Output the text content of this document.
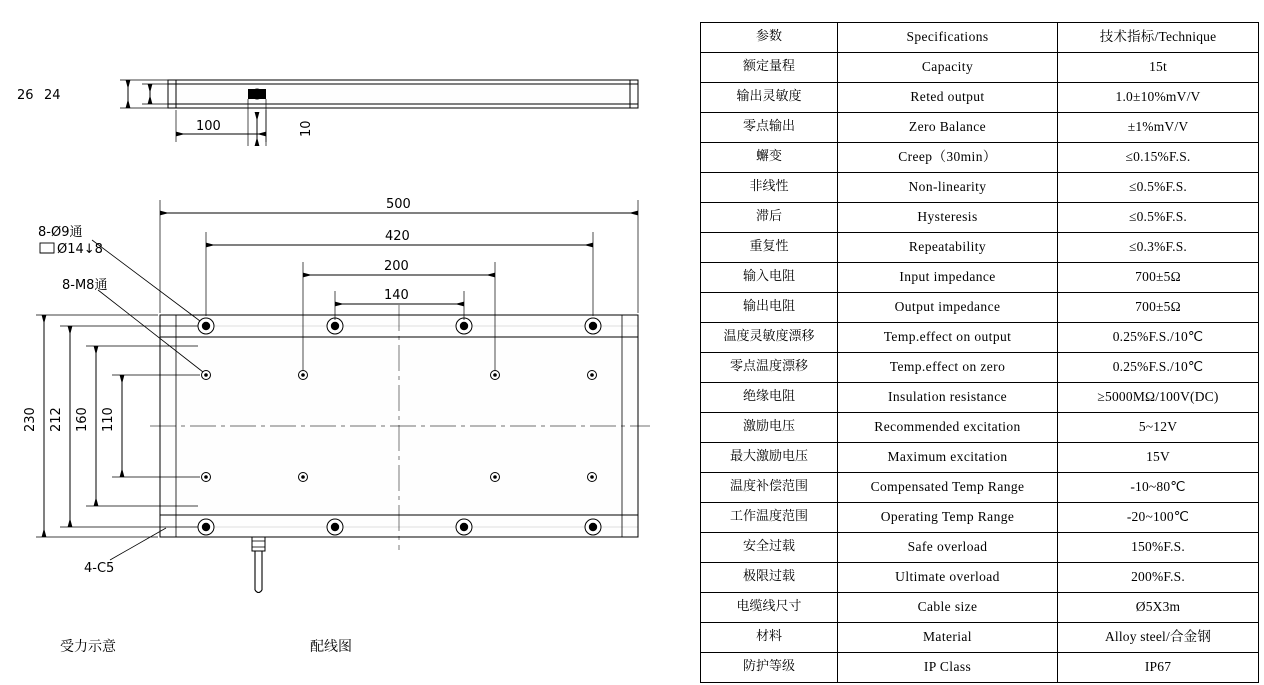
26 24
100	10
500
420
200
140
230 212 160 110
8-Ø9通
Ø14↓8
8-M8通
4-C5
受力示意	配线图
参数	Specifications	技术指标/Technique
额定量程	Capacity	15t
输出灵敏度	Reted output	1.0±10%mV/V
零点输出	Zero Balance	±1%mV/V
蠏变	Creep（30min）	≤0.15%F.S.
非线性	Non-linearity	≤0.5%F.S.
滞后	Hysteresis	≤0.5%F.S.
重复性	Repeatability	≤0.3%F.S.
输入电阻	Input impedance	700±5Ω
输出电阻	Output impedance	700±5Ω
温度灵敏度漂移	Temp.effect on output	0.25%F.S./10℃
零点温度漂移	Temp.effect on zero	0.25%F.S./10℃
绝缘电阻	Insulation resistance	≥5000MΩ/100V(DC)
激励电压	Recommended excitation	5~12V
最大激励电压	Maximum excitation	15V
温度补偿范围	Compensated Temp Range	-10~80℃
工作温度范围	Operating Temp Range	-20~100℃
安全过载	Safe overload	150%F.S.
极限过载	Ultimate overload	200%F.S.
电缆线尺寸	Cable size	Ø5X3m
材料	Material	Alloy steel/合金钢
防护等级	IP Class	IP67
